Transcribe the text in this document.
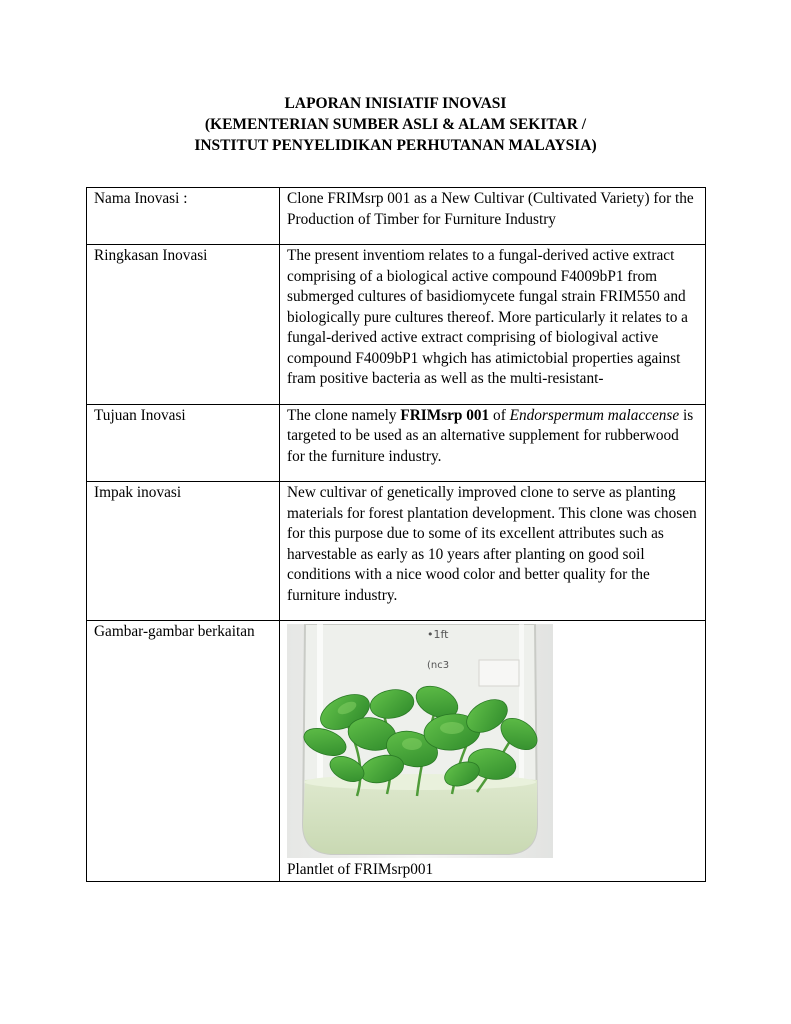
LAPORAN INISIATIF INOVASI
(KEMENTERIAN SUMBER ASLI & ALAM SEKITAR /
INSTITUT PENYELIDIKAN PERHUTANAN MALAYSIA)
Nama Inovasi :	Clone FRIMsrp 001 as a New Cultivar (Cultivated Variety) for the Production of Timber for Furniture Industry
Ringkasan Inovasi	The present inventiom relates to a fungal-derived active extract comprising of a biological active compound F4009bP1 from submerged cultures of basidiomycete fungal strain FRIM550 and biologically pure cultures thereof. More particularly it relates to a fungal-derived active extract comprising of biologival active compound F4009bP1 whgich has atimictobial properties against fram positive bacteria as well as the multi-resistant-
Tujuan Inovasi	The clone namely FRIMsrp 001 of Endorspermum malaccense is targeted to be used as an alternative supplement for rubberwood for the furniture industry.
Impak inovasi	New cultivar of genetically improved clone to serve as planting materials for forest plantation development. This clone was chosen for this purpose due to some of its excellent attributes such as harvestable as early as 10 years after planting on good soil conditions with a nice wood color and better quality for the furniture industry.
Gambar-gambar berkaitan	•1ft
(nc3
Plantlet of FRIMsrp001
